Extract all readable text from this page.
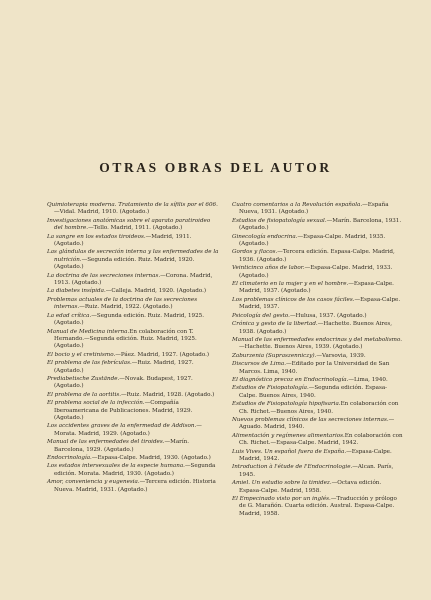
OTRAS OBRAS DEL AUTOR
Quimioterapia moderna. Tratamiento de la sífilis por el 606.—Vidal. Madrid, 1910. (Agotado.)
Investigaciones anatómicas sobre el aparato paratiroideo del hombre.—Tello. Madrid, 1911. (Agotado.)
La sangre en los estados tiroideos.—Madrid, 1911. (Agotado.)
Las glándulas de secreción interna y las enfermedades de la nutrición.—Segunda edición. Ruiz. Madrid, 1920. (Agotado.)
La doctrina de las secreciones internas.—Corona. Madrid, 1913. (Agotado.)
La diabetes insípida.—Calleja. Madrid, 1920. (Agotado.)
Problemas actuales de la doctrina de las secreciones internas.—Ruiz. Madrid, 1922. (Agotado.)
La edad crítica.—Segunda edición. Ruiz. Madrid, 1925. (Agotado.)
Manual de Medicina interna.En colaboración con T. Hernando.—Segunda edición. Ruiz. Madrid, 1925. (Agotado.)
El bocio y el cretinismo.—Páez. Madrid, 1927. (Agotado.)
El problema de las febrículas.—Ruiz. Madrid, 1927. (Agotado.)
Prediabetische Zustände.—Novak. Budapest, 1927. (Agotado.)
El problema de la aortitis.—Ruiz. Madrid, 1928. (Agotado.)
El problema social de la infección.—Compañía Iberoamericana de Publicaciones. Madrid, 1929. (Agotado.)
Los accidentes graves de la enfermedad de Addison.—Morata. Madrid, 1929. (Agotado.)
Manual de las enfermedades del tiroides.—Marín. Barcelona, 1929. (Agotado.)
Endocrinología.—Espasa-Calpe. Madrid, 1930. (Agotado.)
Los estados intersexuales de la especie humana.—Segunda edición. Morata. Madrid, 1930. (Agotado.)
Amor, conveniencia y eugenesia.—Tercera edición. Historia Nueva. Madrid, 1931. (Agotado.)
Cuatro comentarios a la Revolución española.—España Nueva, 1931. (Agotado.)
Estudios de fisiopatología sexual.—Marín. Barcelona, 1931. (Agotado.)
Ginecología endocrina.—Espasa-Calpe. Madrid, 1935. (Agotado.)
Gordos y flacos.—Tercera edición. Espasa-Calpe. Madrid, 1936. (Agotado.)
Veinticinco años de labor.—Espasa-Calpe. Madrid, 1933. (Agotado.)
El climaterio en la mujer y en el hombre.—Espasa-Calpe. Madrid, 1937. (Agotado.)
Los problemas clínicos de los casos fáciles.—Espasa-Calpe. Madrid, 1937.
Psicología del gesto.—Hulusa, 1937. (Agotado.)
Crónica y gesto de la libertad.—Hachette. Buenos Aires, 1938. (Agotado.)
Manual de las enfermedades endocrinas y del metabolismo.—Hachette. Buenos Aires, 1939. (Agotado.)
Zaburzenia (Supraszenniczy).—Varsovia, 1939.
Discursos de Lima.—Editado por la Universidad de San Marcos. Lima, 1940.
El diagnóstico precoz en Endocrinología.—Lima, 1940.
Estudios de Fisiopatología.—Segunda edición. Espasa-Calpe. Buenos Aires, 1940.
Estudios de Fisiopatología hipofisaria.En colaboración con Ch. Richet.—Buenos Aires, 1940.
Nuevos problemas clínicos de las secreciones internas.—Aguado. Madrid, 1940.
Alimentación y regímenes alimentarios.En colaboración con Ch. Richet.—Espasa-Calpe. Madrid, 1942.
Luis Vives. Un español fuera de España.—Espasa-Calpe. Madrid, 1942.
Introduction à l'étude de l'Endocrinologie.—Alcan. París, 1945.
Amiel. Un estudio sobre la timidez.—Octava edición. Espasa-Calpe. Madrid, 1958.
El Empecinado visto por un inglés.—Traducción y prólogo de G. Marañón. Cuarta edición. Austral. Espasa-Calpe. Madrid, 1958.
